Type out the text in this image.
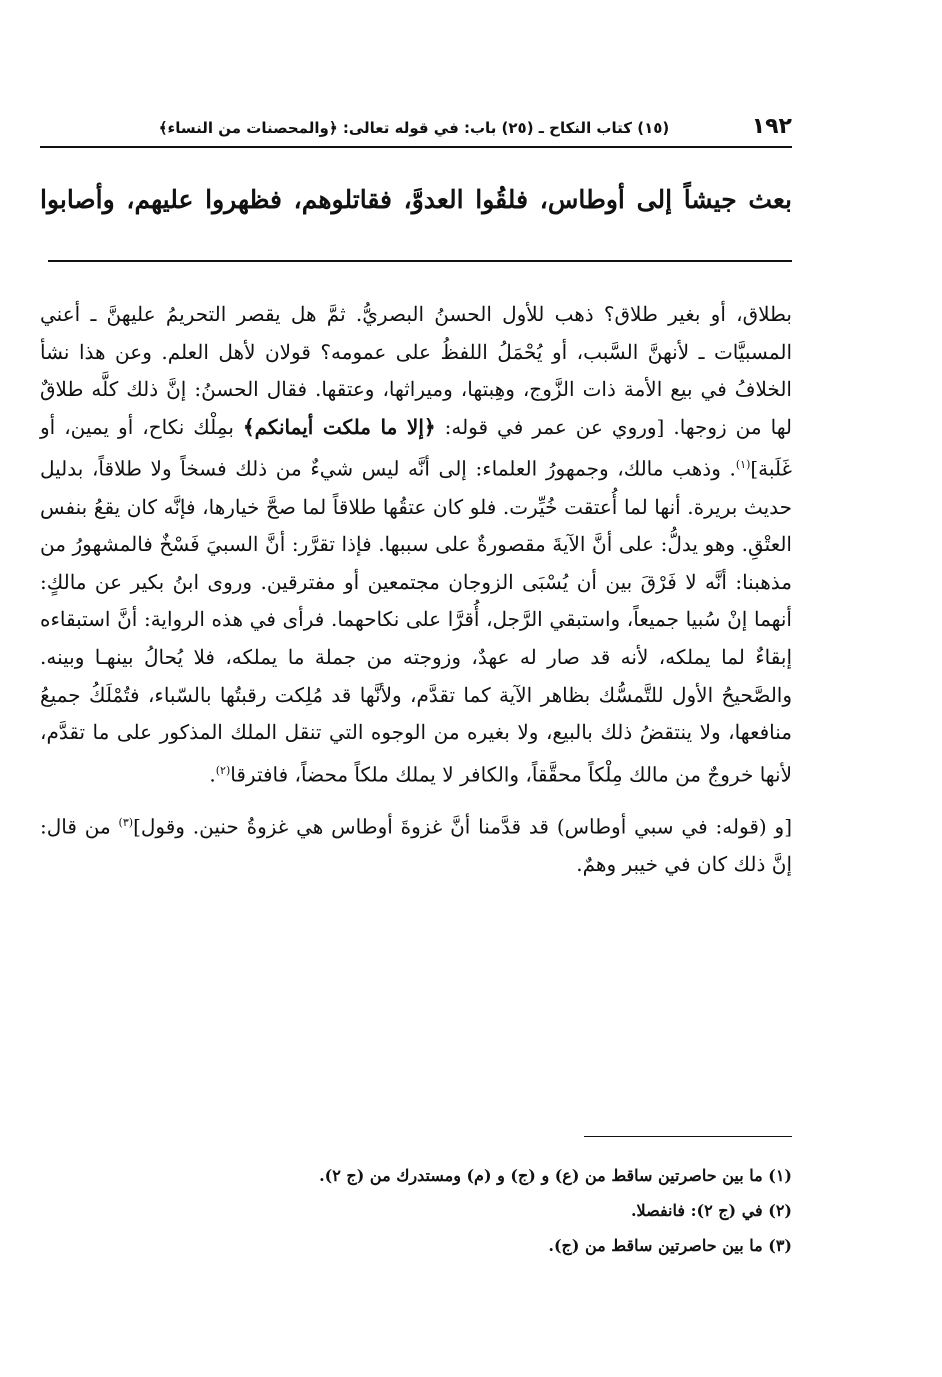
١٩٢
(١٥) كتاب النكاح ـ (٢٥) باب: في قوله تعالى: ﴿والمحصنات من النساء﴾
بعث جيشاً إلى أوطاس، فلقُوا العدوَّ، فقاتلوهم، فظهروا عليهم، وأصابوا

بطلاق، أو بغير طلاق؟ ذهب للأول الحسنُ البصريُّ. ثمَّ هل يقصر التحريمُ عليهنَّ ـ أعني المسبيَّات ـ لأنهنَّ السَّبب، أو يُحْمَلُ اللفظُ على عمومه؟ قولان لأهل العلم. وعن هذا نشأ الخلافُ في بيع الأمة ذات الزَّوج، وهِبتها، وميراثها، وعتقها. فقال الحسنُ: إنَّ ذلك كلَّه طلاقٌ لها من زوجها. [وروي عن عمر في قوله: ﴿إلا ما ملكت أيمانكم﴾ بمِلْك نكاح، أو يمين، أو غَلَبة]$^{(١)}$. وذهب مالك، وجمهورُ العلماء: إلى أنَّه ليس شيءٌ من ذلك فسخاً ولا طلاقاً، بدليل حديث بريرة. أنها لما أُعتقت خُيِّرت. فلو كان عتقُها طلاقاً لما صحَّ خيارها، فإنَّه كان يقعُ بنفس العتْقِ. وهو يدلُّ: على أنَّ الآيةَ مقصورةٌ على سببها. فإذا تقرَّر: أنَّ السبيَ فَسْخٌ فالمشهورُ من مذهبنا: أنَّه لا فَرْقَ بين أن يُسْبَى الزوجان مجتمعين أو مفترقين. وروى ابنُ بكير عن مالكٍ: أنهما إنْ سُبيا جميعاً، واستبقي الرَّجل، أُقرَّا على نكاحهما. فرأى في هذه الرواية: أنَّ استبقاءه إبقاءٌ لما يملكه، لأنه قد صار له عهدٌ، وزوجته من جملة ما يملكه، فلا يُحالُ بينهـا وبينه. والصَّحيحُ الأول للتَّمسُّك بظاهر الآية كما تقدَّم، ولأنَّها قد مُلِكت رقبتُها بالسّباء، فتُمْلَكُ جميعُ منافعها، ولا ينتقضُ ذلك بالبيع، ولا بغيره من الوجوه التي تنقل الملك المذكور على ما تقدَّم، لأنها خروجٌ من مالك مِلْكاً محقَّقاً، والكافر لا يملك ملكاً محضاً، فافترقا$^{(٢)}$.

[و (قوله: في سبي أوطاس) قد قدَّمنا أنَّ غزوةَ أوطاس هي غزوةُ حنين. وقول]$^{(٣)}$ من قال: إنَّ ذلك كان في خيبر وهمٌ.

(١) ما بين حاصرتين ساقط من (ع) و (ج) و (م) ومستدرك من (ج ٢).
(٢) في (ج ٢): فانفصلا.
(٣) ما بين حاصرتين ساقط من (ج).
